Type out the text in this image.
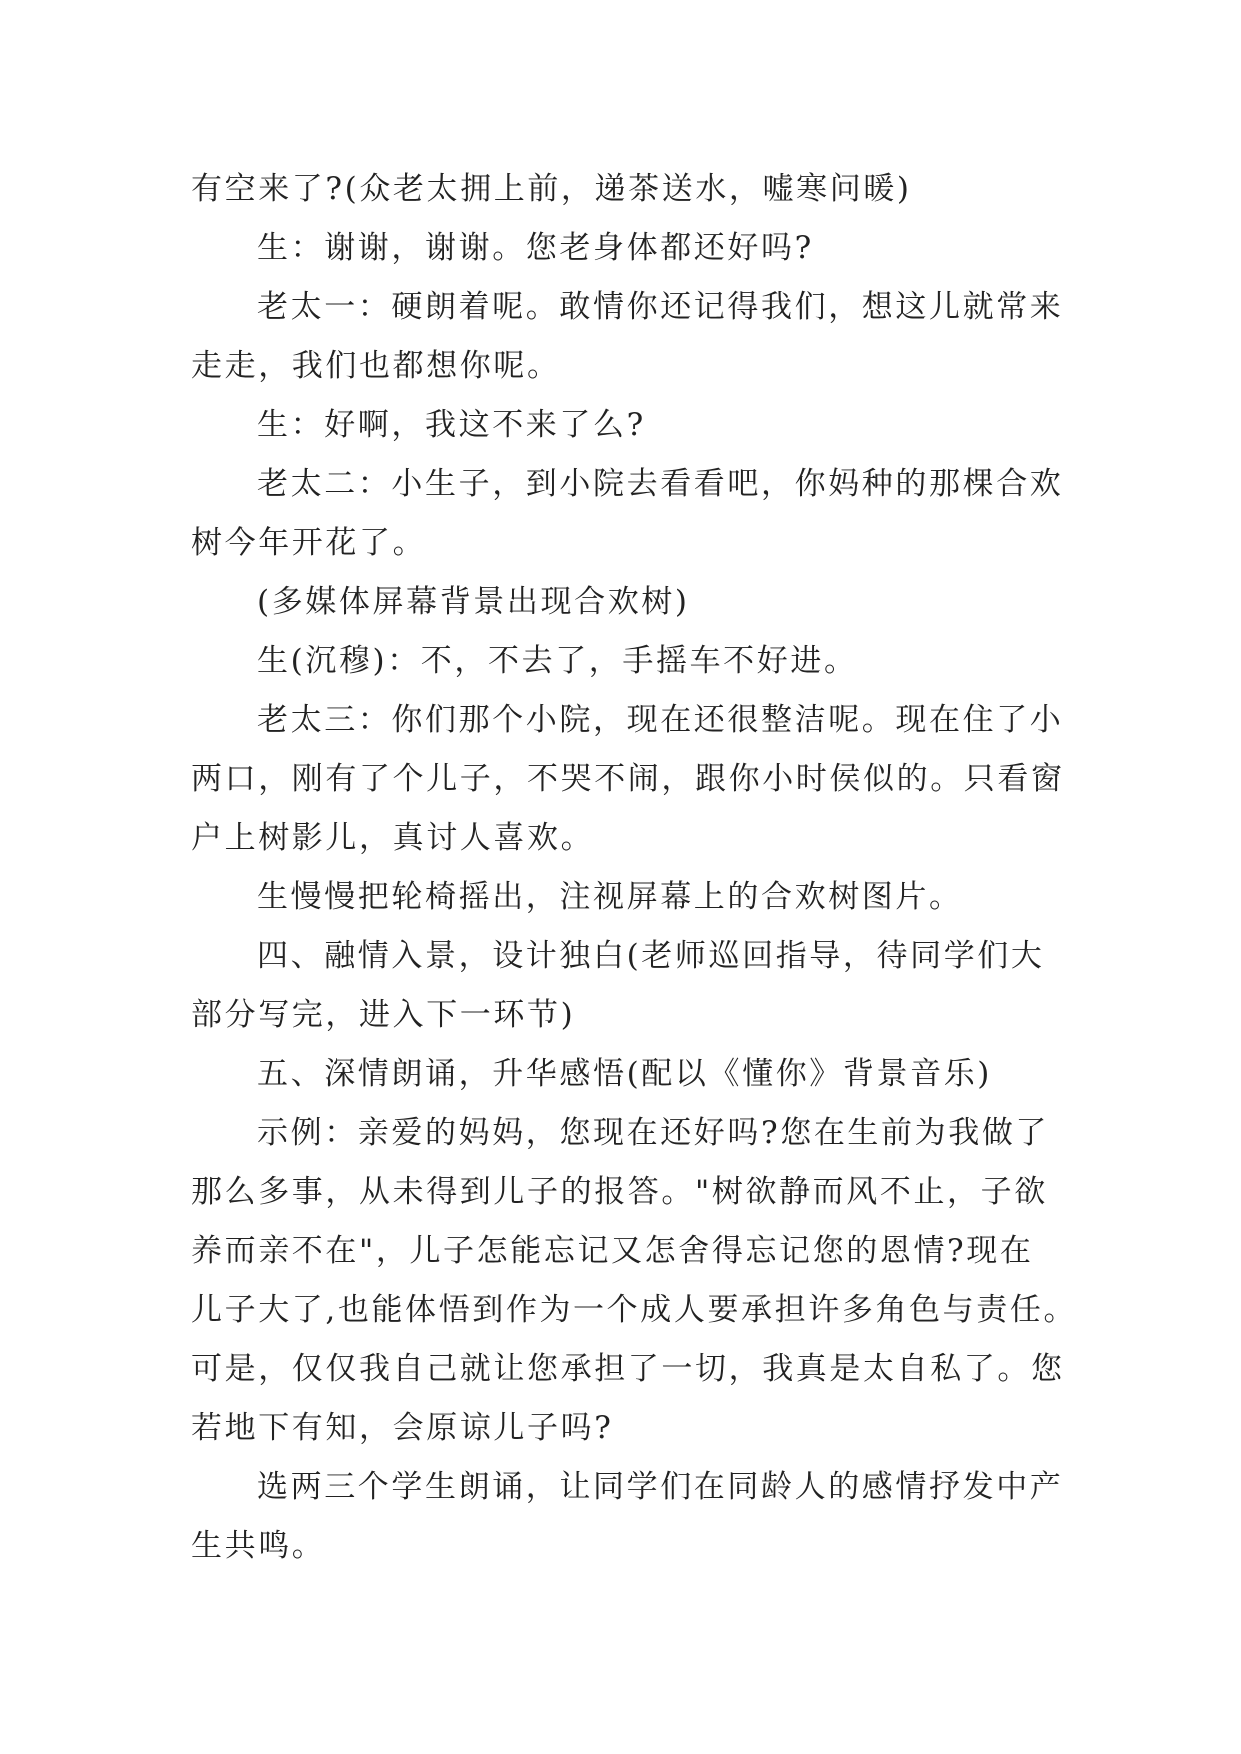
有空来了?(众老太拥上前，递茶送水，嘘寒问暖)

生：谢谢，谢谢。您老身体都还好吗?

老太一：硬朗着呢。敢情你还记得我们，想这儿就常来
走走，我们也都想你呢。

生：好啊，我这不来了么?

老太二：小生子，到小院去看看吧，你妈种的那棵合欢
树今年开花了。

(多媒体屏幕背景出现合欢树)

生(沉穆)：不，不去了，手摇车不好进。

老太三：你们那个小院，现在还很整洁呢。现在住了小
两口，刚有了个儿子，不哭不闹，跟你小时侯似的。只看窗
户上树影儿，真讨人喜欢。

生慢慢把轮椅摇出，注视屏幕上的合欢树图片。

四、融情入景，设计独白(老师巡回指导，待同学们大
部分写完，进入下一环节)

五、深情朗诵，升华感悟(配以《懂你》背景音乐)

示例：亲爱的妈妈，您现在还好吗?您在生前为我做了
那么多事，从未得到儿子的报答。"树欲静而风不止，子欲
养而亲不在"，儿子怎能忘记又怎舍得忘记您的恩情?现在
儿子大了,也能体悟到作为一个成人要承担许多角色与责任。
可是，仅仅我自己就让您承担了一切，我真是太自私了。您
若地下有知，会原谅儿子吗?

选两三个学生朗诵，让同学们在同龄人的感情抒发中产
生共鸣。
